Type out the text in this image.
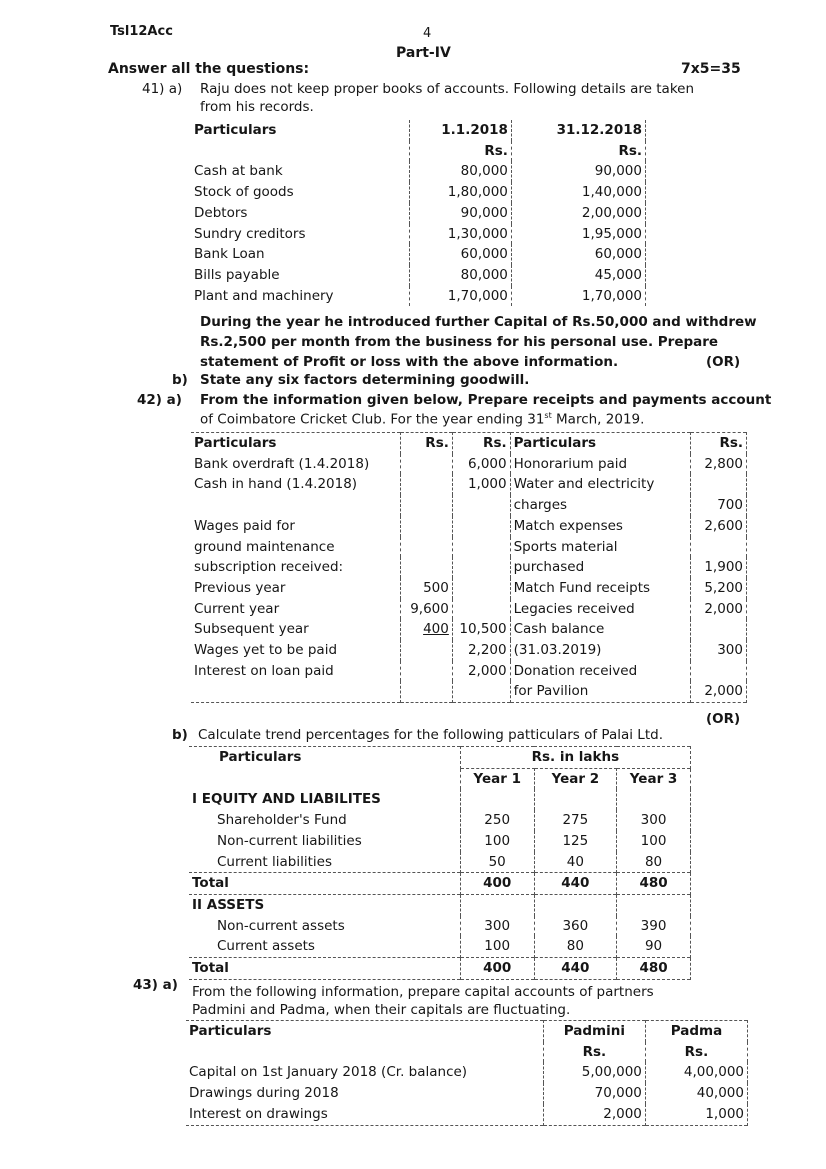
Tsl12Acc	4
Part-IV
Answer all the questions:	7x5=35
41) a) Raju does not keep proper books of accounts. Following details are taken
from his records.
Particulars	1.1.2018	31.12.2018
	Rs.	Rs.
Cash at bank	80,000	90,000
Stock of goods	1,80,000	1,40,000
Debtors	90,000	2,00,000
Sundry creditors	1,30,000	1,95,000
Bank Loan	60,000	60,000
Bills payable	80,000	45,000
Plant and machinery	1,70,000	1,70,000
During the year he introduced further Capital of Rs.50,000 and withdrew
Rs.2,500 per month from the business for his personal use. Prepare
statement of Profit or loss with the above information.	(OR)
b) State any six factors determining goodwill.
42) a) From the information given below, Prepare receipts and payments account
of Coimbatore Cricket Club. For the year ending 31st March, 2019.
Particulars	Rs.	Rs.	Particulars	Rs.
Bank overdraft (1.4.2018)		6,000	Honorarium paid	2,800
Cash in hand (1.4.2018)		1,000	Water and electricity	
			charges	700
Wages paid for			Match expenses	2,600
ground maintenance			Sports material	
subscription received:			purchased	1,900
Previous year	500		Match Fund receipts	5,200
Current year	9,600		Legacies received	2,000
Subsequent year	400	10,500	Cash balance	
Wages yet to be paid		2,200	(31.03.2019)	300
Interest on loan paid		2,000	Donation received	
			for Pavilion	2,000
(OR)
b) Calculate trend percentages for the following patticulars of Palai Ltd.
Particulars	Rs. in lakhs		
	Year 1	Year 2	Year 3
I EQUITY AND LIABILITES			
Shareholder's Fund	250	275	300
Non-current liabilities	100	125	100
Current liabilities	50	40	80
Total	400	440	480
II ASSETS			
Non-current assets	300	360	390
Current assets	100	80	90
Total	400	440	480
43) a) From the following information, prepare capital accounts of partners
Padmini and Padma, when their capitals are fluctuating.
Particulars	Padmini	Padma
	Rs.	Rs.
Capital on 1st January 2018 (Cr. balance)	5,00,000	4,00,000
Drawings during 2018	70,000	40,000
Interest on drawings	2,000	1,000
